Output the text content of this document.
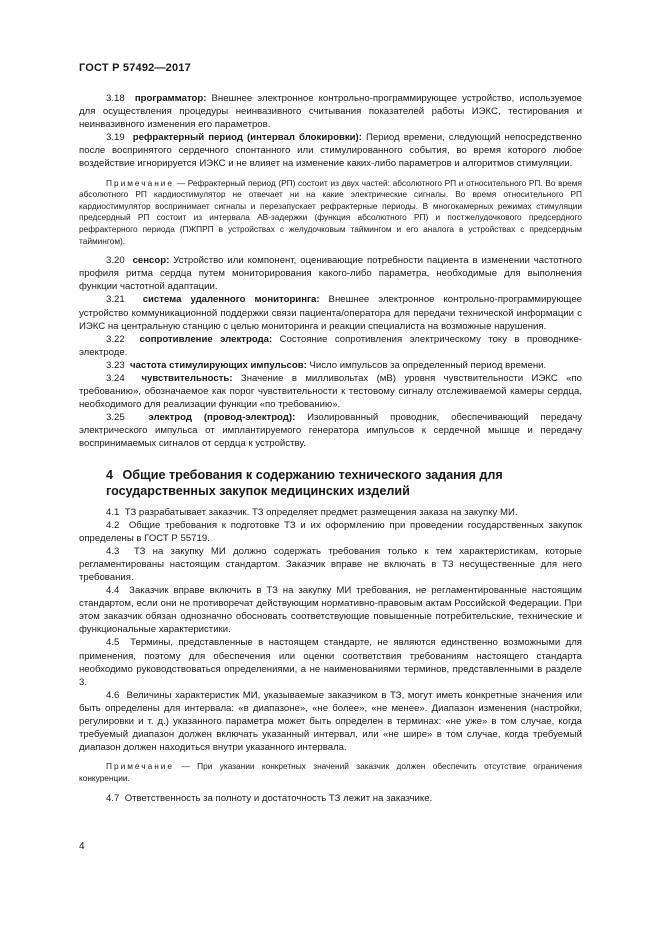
ГОСТ Р 57492—2017

3.18 программатор: Внешнее электронное контрольно-программирующее устройство, используемое для осуществления процедуры неинвазивного считывания показателей работы ИЭКС, тестирования и неинвазивного изменения его параметров.

3.19 рефрактерный период (интервал блокировки): Период времени, следующий непосредственно после воспринятого сердечного спонтанного или стимулированного события, во время которого любое воздействие игнорируется ИЭКС и не влияет на изменение каких-либо параметров и алгоритмов стимуляции.

Примечание — Рефрактерный период (РП) состоит из двух частей: абсолютного РП и относительного РП. Во время абсолютного РП кардиостимулятор не отвечает ни на какие электрические сигналы. Во время относительного РП кардиостимулятор воспринимает сигналы и перезапускает рефрактерные периоды. В многокамерных режимах стимуляции предсердный РП состоит из интервала АВ-задержки (функция абсолютного РП) и постжелудочкового предсердного рефрактерного периода (ПЖПРП в устройствах с желудочковым таймингом и его аналога в устройствах с предсердным таймингом).

3.20 сенсор: Устройство или компонент, оценивающие потребности пациента в изменении частотного профиля ритма сердца путем мониторирования какого-либо параметра, необходимые для выполнения функции частотной адаптации.

3.21 система удаленного мониторинга: Внешнее электронное контрольно-программирующее устройство коммуникационной поддержки связи пациента/оператора для передачи технической информации с ИЭКС на центральную станцию с целью мониторинга и реакции специалиста на возможные нарушения.

3.22 сопротивление электрода: Состояние сопротивления электрическому току в проводнике-электроде.

3.23 частота стимулирующих импульсов: Число импульсов за определенный период времени.

3.24 чувствительность: Значение в милливольтах (мВ) уровня чувствительности ИЭКС «по требованию», обозначаемое как порог чувствительности к тестовому сигналу отслеживаемой камеры сердца, необходимого для реализации функции «по требованию».

3.25 электрод (провод-электрод): Изолированный проводник, обеспечивающий передачу электрического импульса от имплантируемого генератора импульсов к сердечной мышце и передачу воспринимаемых сигналов от сердца к устройству.

4 Общие требования к содержанию технического задания для государственных закупок медицинских изделий

4.1 ТЗ разрабатывает заказчик. ТЗ определяет предмет размещения заказа на закупку МИ.

4.2 Общие требования к подготовке ТЗ и их оформлению при проведении государственных закупок определены в ГОСТ Р 55719.

4.3 ТЗ на закупку МИ должно содержать требования только к тем характеристикам, которые регламентированы настоящим стандартом. Заказчик вправе не включать в ТЗ несущественные для него требования.

4.4 Заказчик вправе включить в ТЗ на закупку МИ требования, не регламентированные настоящим стандартом, если они не противоречат действующим нормативно-правовым актам Российской Федерации. При этом заказчик обязан однозначно обосновать соответствующие повышенные потребительские, технические и функциональные характеристики.

4.5 Термины, представленные в настоящем стандарте, не являются единственно возможными для применения, поэтому для обеспечения или оценки соответствия требованиям настоящего стандарта необходимо руководствоваться определениями, а не наименованиями терминов, представленными в разделе 3.

4.6 Величины характеристик МИ, указываемые заказчиком в ТЗ, могут иметь конкретные значения или быть определены для интервала: «в диапазоне», «не более», «не менее». Диапазон изменения (настройки, регулировки и т. д.) указанного параметра может быть определен в терминах: «не уже» в том случае, когда требуемый диапазон должен включать указанный интервал, или «не шире» в том случае, когда требуемый диапазон должен находиться внутри указанного интервала.

Примечание — При указании конкретных значений заказчик должен обеспечить отсутствие ограничения конкуренции.

4.7 Ответственность за полноту и достаточность ТЗ лежит на заказчике.

4
